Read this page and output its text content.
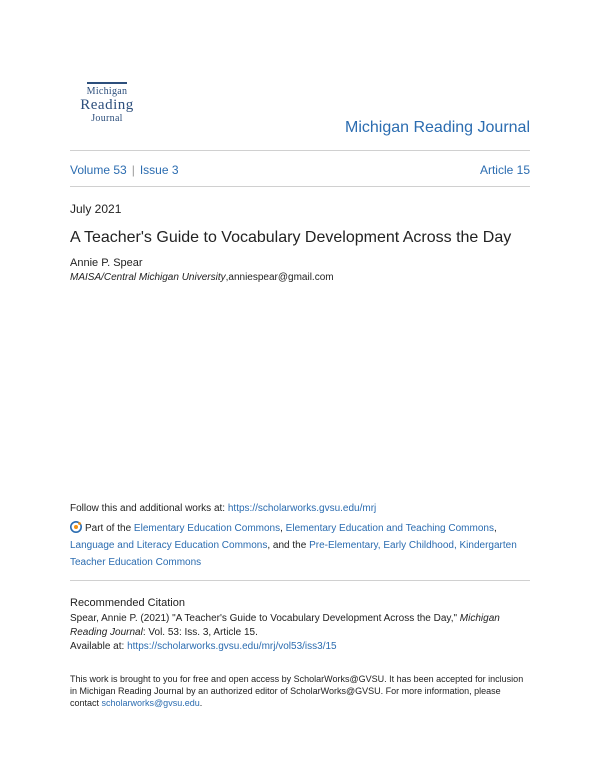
Michigan
Reading
Journal
Michigan Reading Journal
Volume 53 | Issue 3	Article 15
July 2021
A Teacher's Guide to Vocabulary Development Across the Day
Annie P. Spear
MAISA/Central Michigan University,anniespear@gmail.com
Follow this and additional works at: https://scholarworks.gvsu.edu/mrj
Part of the Elementary Education Commons, Elementary Education and Teaching Commons,
Language and Literacy Education Commons, and the Pre-Elementary, Early Childhood, Kindergarten Teacher Education Commons
Recommended Citation
Spear, Annie P. (2021) "A Teacher's Guide to Vocabulary Development Across the Day," Michigan Reading Journal: Vol. 53: Iss. 3, Article 15.
Available at: https://scholarworks.gvsu.edu/mrj/vol53/iss3/15
This work is brought to you for free and open access by ScholarWorks@GVSU. It has been accepted for inclusion in Michigan Reading Journal by an authorized editor of ScholarWorks@GVSU. For more information, please contact scholarworks@gvsu.edu.
